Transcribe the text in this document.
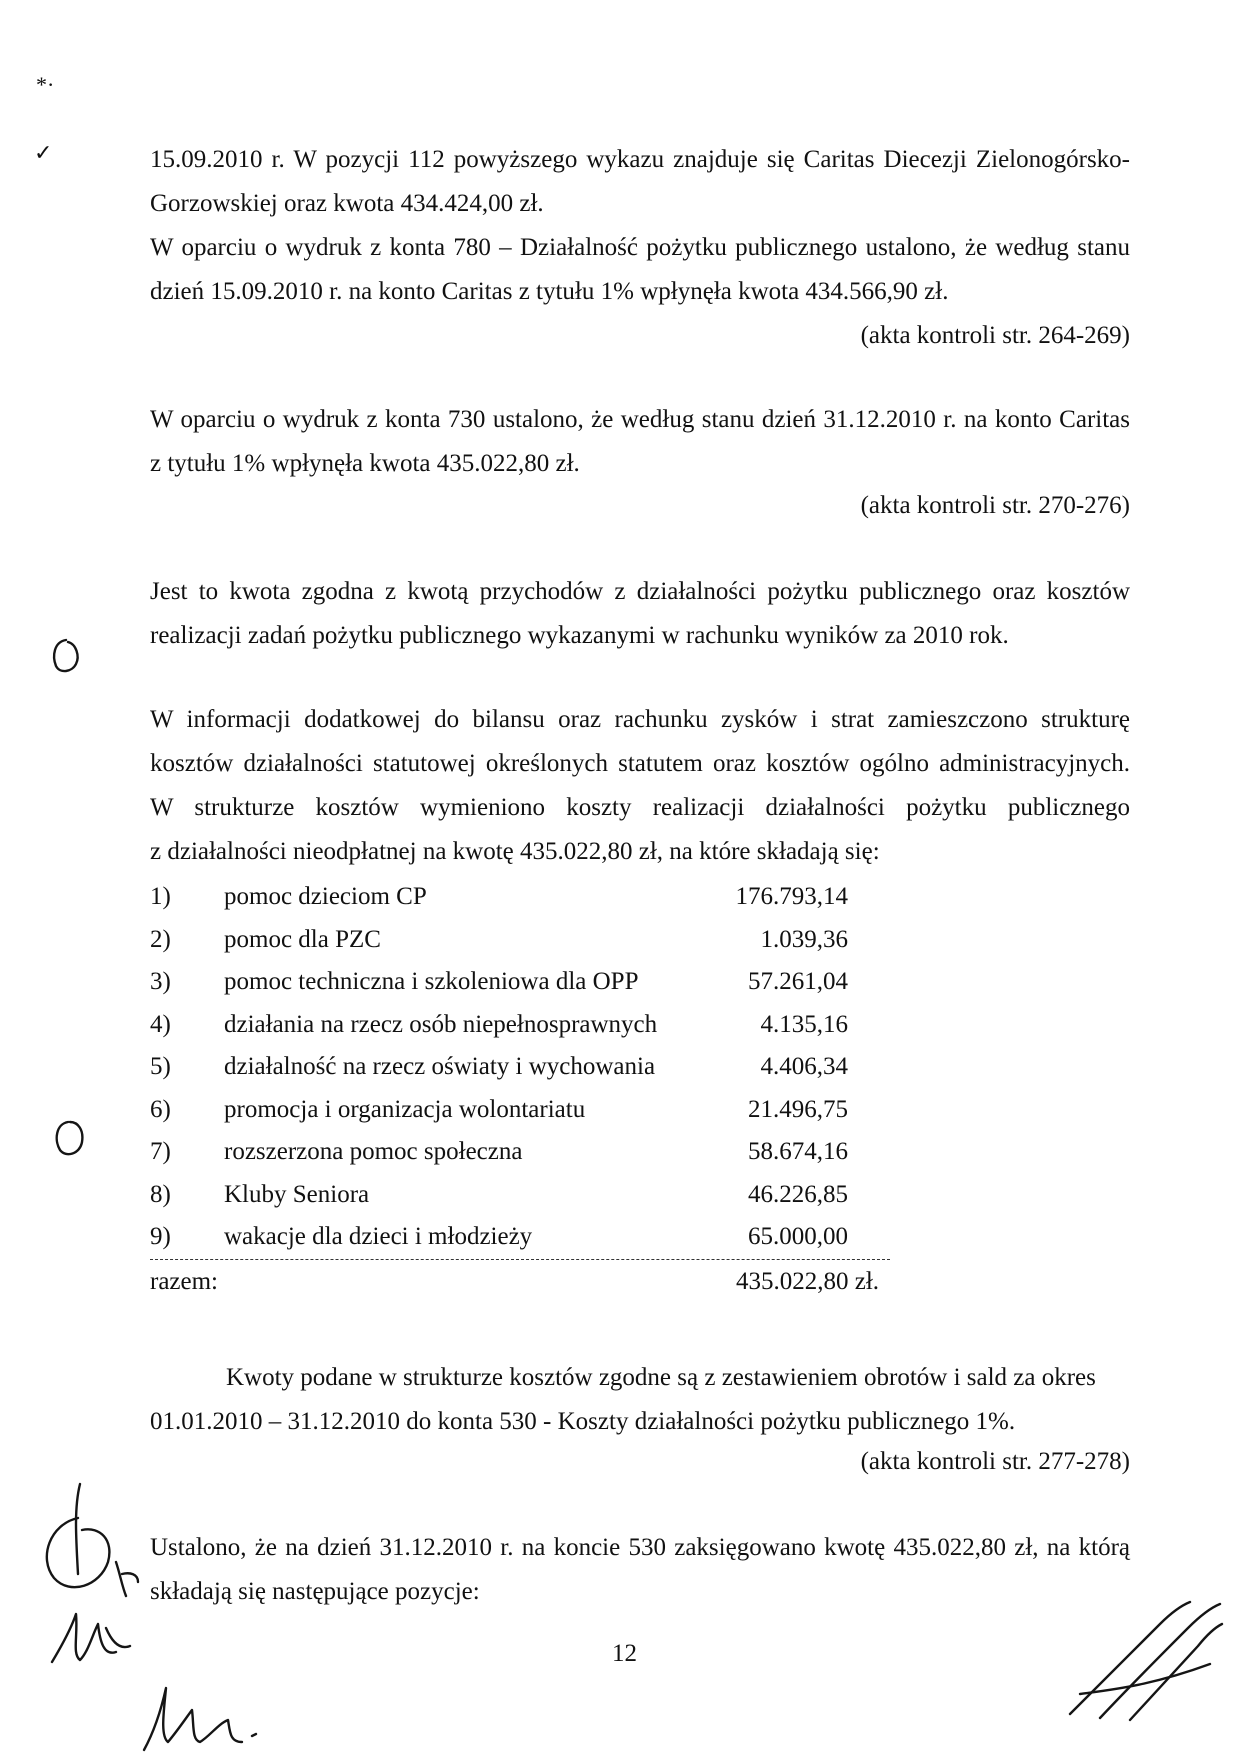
*·
✓	15.09.2010 r. W pozycji 112 powyższego wykazu znajduje się Caritas Diecezji Zielonogórsko-
Gorzowskiej oraz kwota 434.424,00 zł.
W oparciu o wydruk z konta 780 – Działalność pożytku publicznego ustalono, że według stanu
dzień 15.09.2010 r. na konto Caritas z tytułu 1% wpłynęła kwota 434.566,90 zł.
(akta kontroli str. 264-269)
W oparciu o wydruk z konta 730 ustalono, że według stanu dzień 31.12.2010 r. na konto Caritas
z tytułu 1% wpłynęła kwota 435.022,80 zł.
(akta kontroli str. 270-276)
Jest to kwota zgodna z kwotą przychodów z działalności pożytku publicznego oraz kosztów
realizacji zadań pożytku publicznego wykazanymi w rachunku wyników za 2010 rok.
W informacji dodatkowej do bilansu oraz rachunku zysków i strat zamieszczono strukturę
kosztów działalności statutowej określonych statutem oraz kosztów ogólno administracyjnych.
W strukturze kosztów wymieniono koszty realizacji działalności pożytku publicznego
z działalności nieodpłatnej na kwotę 435.022,80 zł, na które składają się:
1)	pomoc dzieciom CP	176.793,14
2)	pomoc dla PZC	1.039,36
3)	pomoc techniczna i szkoleniowa dla OPP	57.261,04
4)	działania na rzecz osób niepełnosprawnych	4.135,16
5)	działalność na rzecz oświaty i wychowania	4.406,34
6)	promocja i organizacja wolontariatu	21.496,75
7)	rozszerzona pomoc społeczna	58.674,16
8)	Kluby Seniora	46.226,85
9)	wakacje dla dzieci i młodzieży	65.000,00
razem:	435.022,80 zł.
Kwoty podane w strukturze kosztów zgodne są z zestawieniem obrotów i sald za okres
01.01.2010 – 31.12.2010 do konta 530 - Koszty działalności pożytku publicznego 1%.
(akta kontroli str. 277-278)
Ustalono, że na dzień 31.12.2010 r. na koncie 530 zaksięgowano kwotę 435.022,80 zł, na którą
składają się następujące pozycje:
12
